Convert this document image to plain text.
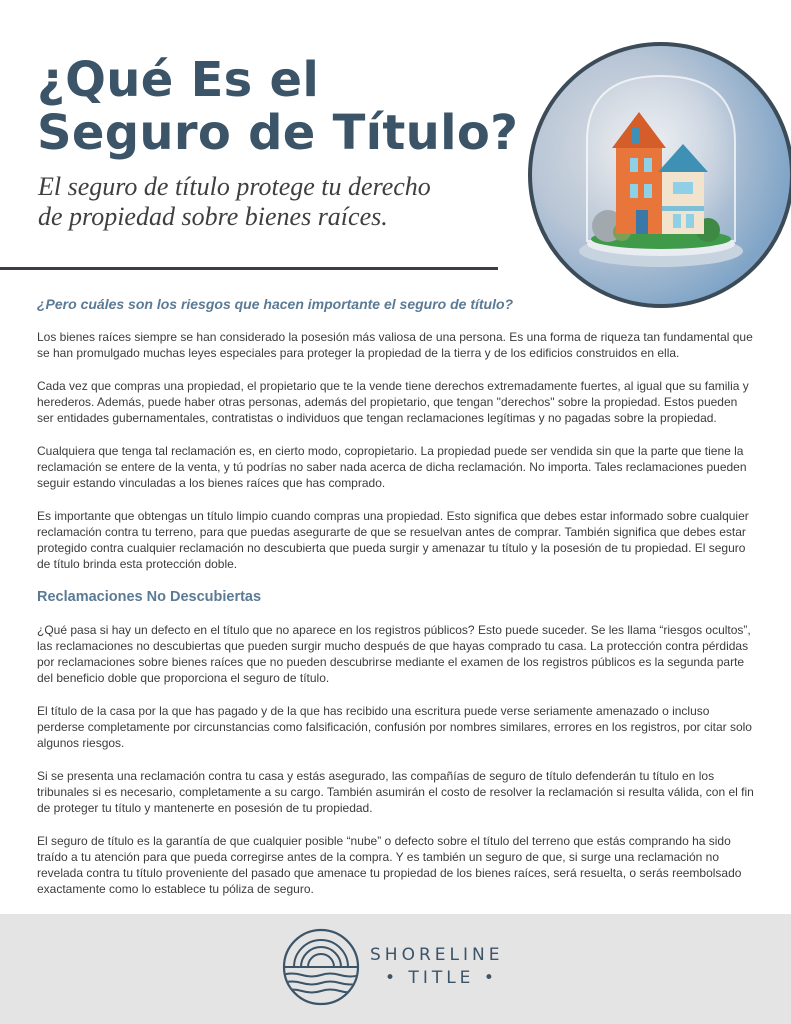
¿Qué Es el
Seguro de Título?

El seguro de título protege tu derecho
de propiedad sobre bienes raíces.

¿Pero cuáles son los riesgos que hacen importante el seguro de título?

Los bienes raíces siempre se han considerado la posesión más valiosa de una persona. Es una forma de riqueza tan fundamental que se han promulgado muchas leyes especiales para proteger la propiedad de la tierra y de los edificios construidos en ella.

Cada vez que compras una propiedad, el propietario que te la vende tiene derechos extremadamente fuertes, al igual que su familia y herederos. Además, puede haber otras personas, además del propietario, que tengan "derechos" sobre la propiedad. Estos pueden ser entidades gubernamentales, contratistas o individuos que tengan reclamaciones legítimas y no pagadas sobre la propiedad.

Cualquiera que tenga tal reclamación es, en cierto modo, copropietario. La propiedad puede ser vendida sin que la parte que tiene la reclamación se entere de la venta, y tú podrías no saber nada acerca de dicha reclamación. No importa. Tales reclamaciones pueden seguir estando vinculadas a los bienes raíces que has comprado.

Es importante que obtengas un título limpio cuando compras una propiedad. Esto significa que debes estar informado sobre cualquier reclamación contra tu terreno, para que puedas asegurarte de que se resuelvan antes de comprar. También significa que debes estar protegido contra cualquier reclamación no descubierta que pueda surgir y amenazar tu título y la posesión de tu propiedad. El seguro de título brinda esta protección doble.

Reclamaciones No Descubiertas

¿Qué pasa si hay un defecto en el título que no aparece en los registros públicos? Esto puede suceder. Se les llama “riesgos ocultos”, las reclamaciones no descubiertas que pueden surgir mucho después de que hayas comprado tu casa. La protección contra pérdidas por reclamaciones sobre bienes raíces que no pueden descubrirse mediante el examen de los registros públicos es la segunda parte del beneficio doble que proporciona el seguro de título.

El título de la casa por la que has pagado y de la que has recibido una escritura puede verse seriamente amenazado o incluso perderse completamente por circunstancias como falsificación, confusión por nombres similares, errores en los registros, por citar solo algunos riesgos.

Si se presenta una reclamación contra tu casa y estás asegurado, las compañías de seguro de título defenderán tu título en los tribunales si es necesario, completamente a su cargo. También asumirán el costo de resolver la reclamación si resulta válida, con el fin de proteger tu título y mantenerte en posesión de tu propiedad.

El seguro de título es la garantía de que cualquier posible “nube” o defecto sobre el título del terreno que estás comprando ha sido traído a tu atención para que pueda corregirse antes de la compra. Y es también un seguro de que, si surge una reclamación no revelada contra tu título proveniente del pasado que amenace tu propiedad de los bienes raíces, será resuelta, o serás reembolsado exactamente como lo establece tu póliza de seguro.

SHORELINE
• TITLE •
